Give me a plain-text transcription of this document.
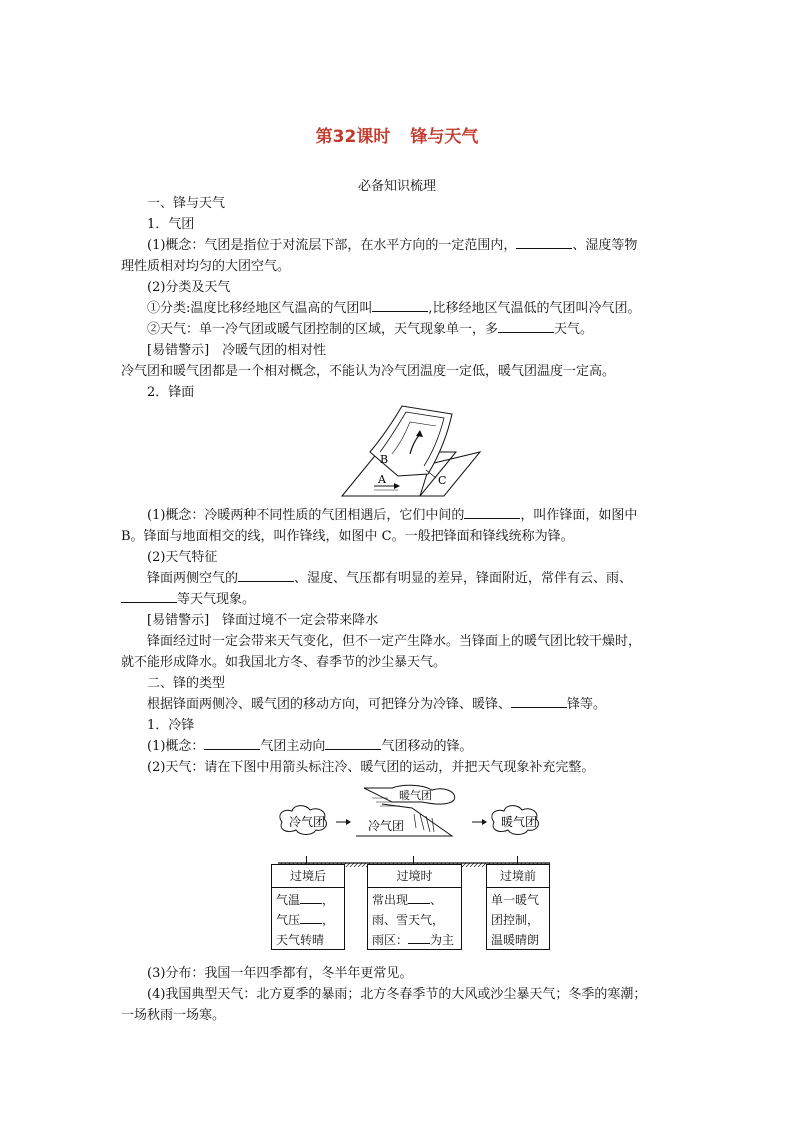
第32课时 锋与天气
必备知识梳理
一、锋与天气
1．气团
(1)概念：气团是指位于对流层下部，在水平方向的一定范围内，	、湿度等物
理性质相对均匀的大团空气。
(2)分类及天气
①分类:温度比移经地区气温高的气团叫	,比移经地区气温低的气团叫冷气团。
②天气：单一冷气团或暖气团控制的区域，天气现象单一，多	天气。
[易错警示]　冷暖气团的相对性
冷气团和暖气团都是一个相对概念，不能认为冷气团温度一定低，暖气团温度一定高。
2．锋面
A
B
C
(1)概念：冷暖两种不同性质的气团相遇后，它们中间的	，叫作锋面，如图中
B。锋面与地面相交的线，叫作锋线，如图中 C。一般把锋面和锋线统称为锋。
(2)天气特征
锋面两侧空气的	、湿度、气压都有明显的差异，锋面附近，常伴有云、雨、
等天气现象。
[易错警示]　锋面过境不一定会带来降水
锋面经过时一定会带来天气变化，但不一定产生降水。当锋面上的暖气团比较干燥时，
就不能形成降水。如我国北方冬、春季节的沙尘暴天气。
二、锋的类型
根据锋面两侧冷、暖气团的移动方向，可把锋分为冷锋、暖锋、	锋等。
1．冷锋
(1)概念：	气团主动向	气团移动的锋。
(2)天气：请在下图中用箭头标注冷、暖气团的运动，并把天气现象补充完整。
冷气团
暖气团
冷气团	暖气团
过境后
气温 ，
气压 ，
天气转晴
过境时
常出现 、
雨、雪天气，
雨区： 为主
过境前
单一暖气
团控制，
温暖晴朗
(3)分布：我国一年四季都有，冬半年更常见。
(4)我国典型天气：北方夏季的暴雨；北方冬春季节的大风或沙尘暴天气；冬季的寒潮；
一场秋雨一场寒。
